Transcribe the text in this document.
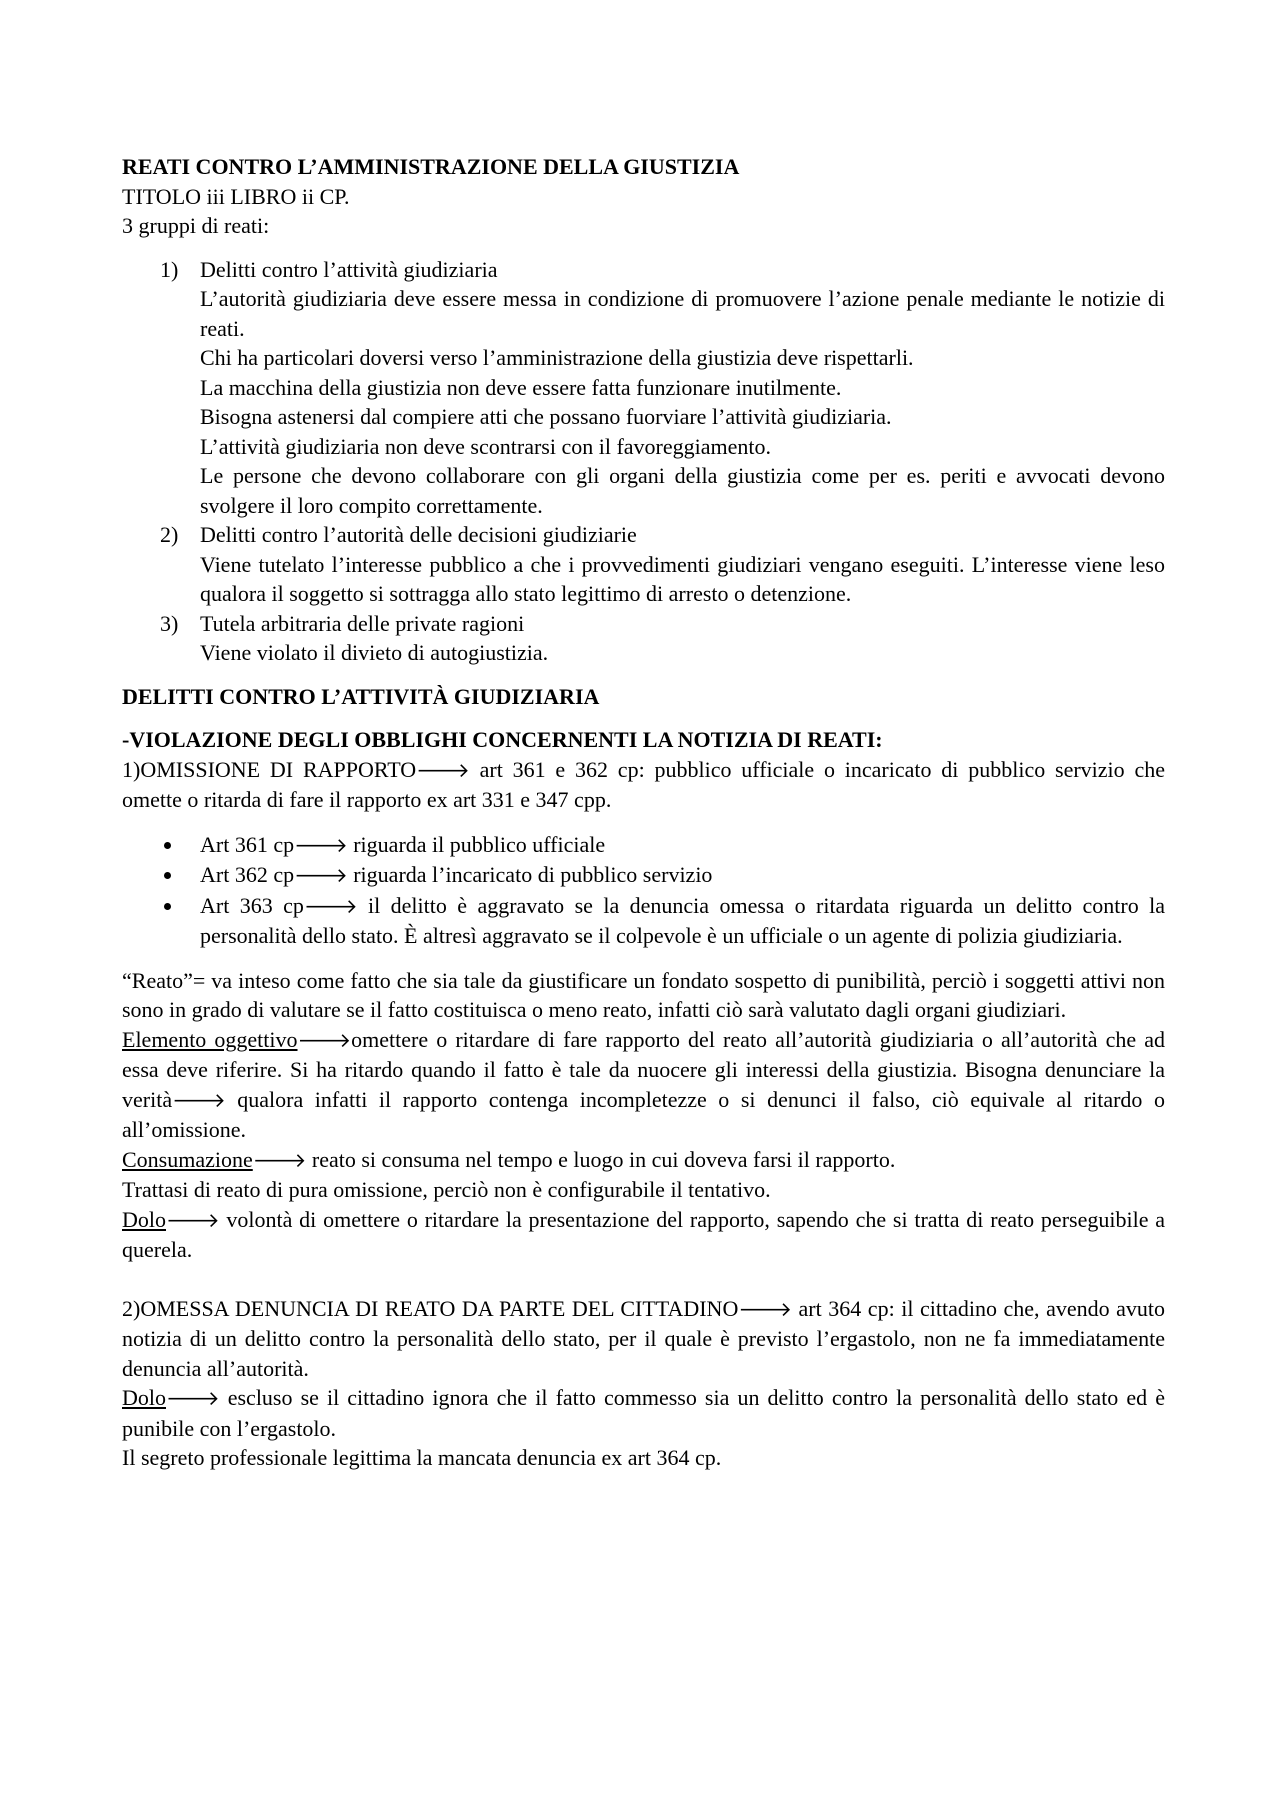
REATI CONTRO L’AMMINISTRAZIONE DELLA GIUSTIZIA

TITOLO iii LIBRO ii CP.

3 gruppi di reati:

1) Delitti contro l’attività giudiziaria

L’autorità giudiziaria deve essere messa in condizione di promuovere l’azione penale mediante le notizie di reati.

Chi ha particolari doversi verso l’amministrazione della giustizia deve rispettarli.

La macchina della giustizia non deve essere fatta funzionare inutilmente.

Bisogna astenersi dal compiere atti che possano fuorviare l’attività giudiziaria.

L’attività giudiziaria non deve scontrarsi con il favoreggiamento.

Le persone che devono collaborare con gli organi della giustizia come per es. periti e avvocati devono svolgere il loro compito correttamente.

2) Delitti contro l’autorità delle decisioni giudiziarie

Viene tutelato l’interesse pubblico a che i provvedimenti giudiziari vengano eseguiti. L’interesse viene leso qualora il soggetto si sottragga allo stato legittimo di arresto o detenzione.

3) Tutela arbitraria delle private ragioni

Viene violato il divieto di autogiustizia.

DELITTI CONTRO L’ATTIVITÀ GIUDIZIARIA

-VIOLAZIONE DEGLI OBBLIGHI CONCERNENTI LA NOTIZIA DI REATI:

1)OMISSIONE DI RAPPORTO🡒 art 361 e 362 cp: pubblico ufficiale o incaricato di pubblico servizio che omette o ritarda di fare il rapporto ex art 331 e 347 cpp.

Art 361 cp🡒 riguarda il pubblico ufficiale

Art 362 cp🡒 riguarda l’incaricato di pubblico servizio

Art 363 cp🡒 il delitto è aggravato se la denuncia omessa o ritardata riguarda un delitto contro la personalità dello stato. È altresì aggravato se il colpevole è un ufficiale o un agente di polizia giudiziaria.

“Reato”= va inteso come fatto che sia tale da giustificare un fondato sospetto di punibilità, perciò i soggetti attivi non sono in grado di valutare se il fatto costituisca o meno reato, infatti ciò sarà valutato dagli organi giudiziari.

Elemento oggettivo🡒omettere o ritardare di fare rapporto del reato all’autorità giudiziaria o all’autorità che ad essa deve riferire. Si ha ritardo quando il fatto è tale da nuocere gli interessi della giustizia. Bisogna denunciare la verità🡒 qualora infatti il rapporto contenga incompletezze o si denunci il falso, ciò equivale al ritardo o all’omissione.

Consumazione🡒 reato si consuma nel tempo e luogo in cui doveva farsi il rapporto.

Trattasi di reato di pura omissione, perciò non è configurabile il tentativo.

Dolo🡒 volontà di omettere o ritardare la presentazione del rapporto, sapendo che si tratta di reato perseguibile a querela.

2)OMESSA DENUNCIA DI REATO DA PARTE DEL CITTADINO🡒 art 364 cp: il cittadino che, avendo avuto notizia di un delitto contro la personalità dello stato, per il quale è previsto l’ergastolo, non ne fa immediatamente denuncia all’autorità.

Dolo🡒 escluso se il cittadino ignora che il fatto commesso sia un delitto contro la personalità dello stato ed è punibile con l’ergastolo.

Il segreto professionale legittima la mancata denuncia ex art 364 cp.
